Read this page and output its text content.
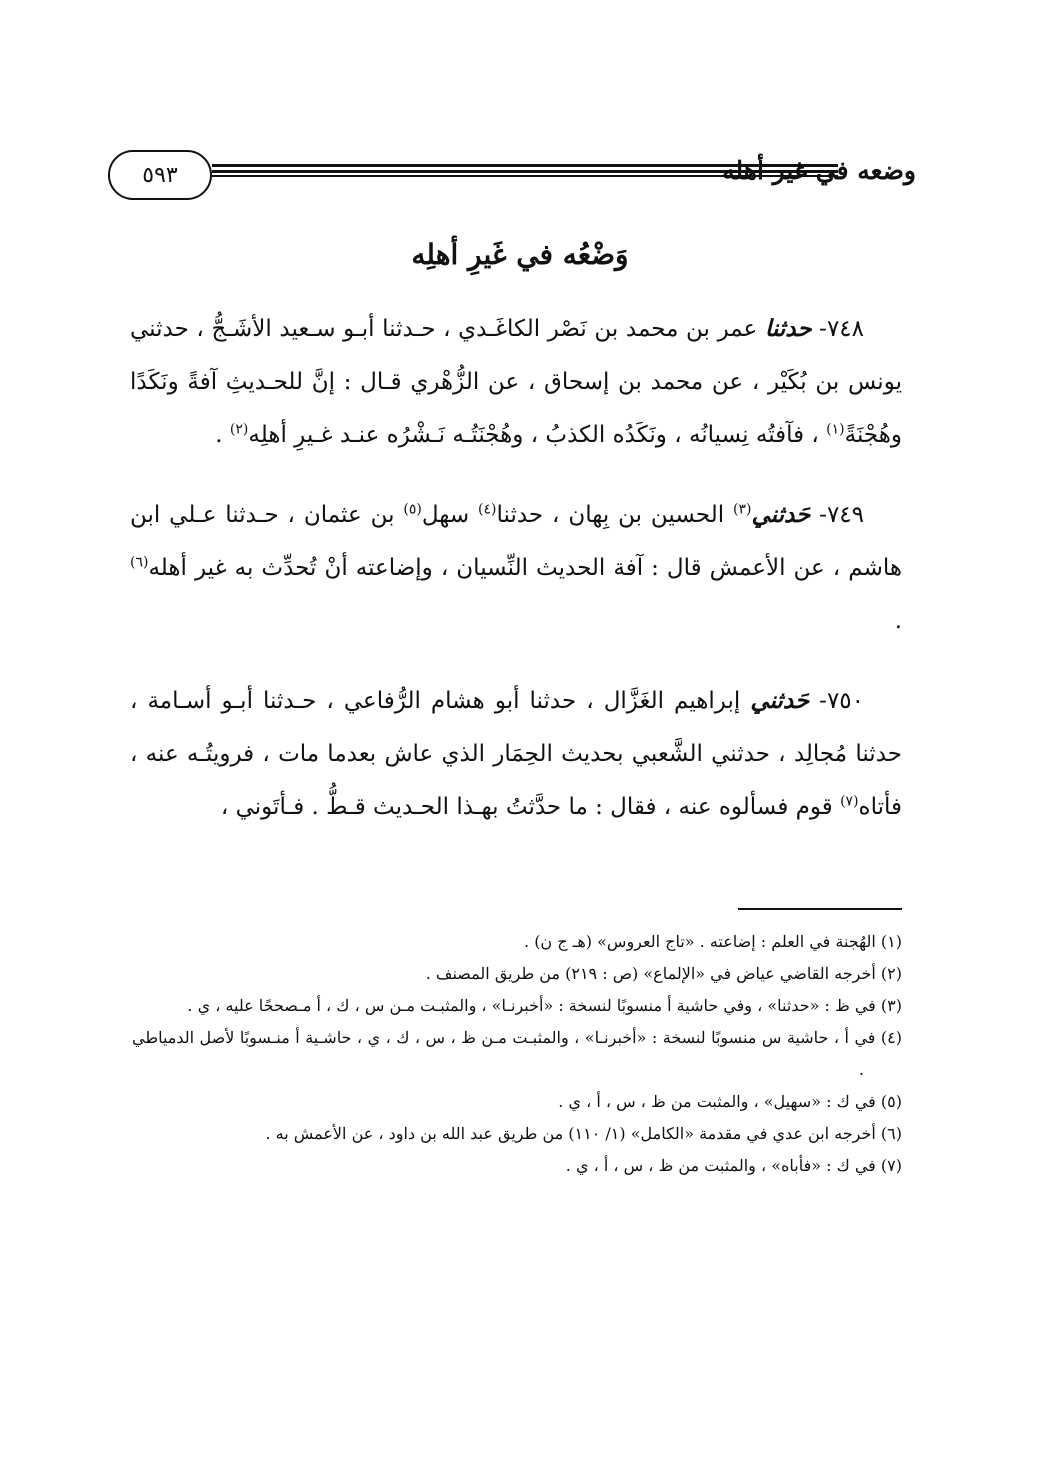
٥٩٣	وضعه في غير أهله
وَضْعُه في غَيرِ أهلِه

٧٤٨- حدثنا عمر بن محمد بن نَصْر الكاغَـدي ، حـدثنا أبـو سـعيد الأشَـجُّ ، حدثني يونس بن بُكَيْر ، عن محمد بن إسحاق ، عن الزُّهْري قـال : إنَّ للحـديثِ آفةً ونَكَدًا وهُجْنَةً$^{(١)}$ ، فآفتُه نِسيانُه ، ونَكَدُه الكذبُ ، وهُجْنَتُـه نَـشْرُه عنـد غـيرِ أهلِه$^{(٢)}$ .

٧٤٩- حَدثني$^{(٣)}$ الحسين بن بِهان ، حدثنا$^{(٤)}$ سهل$^{(٥)}$ بن عثمان ، حـدثنا عـلي ابن هاشم ، عن الأعمش قال : آفة الحديث النِّسيان ، وإضاعته أنْ تُحدِّث به غير أهله$^{(٦)}$ .

٧٥٠- حَدثني إبراهيم الغَزَّال ، حدثنا أبو هشام الرُّفاعي ، حـدثنا أبـو أسـامة ، حدثنا مُجالِد ، حدثني الشَّعبي بحديث الحِمَار الذي عاش بعدما مات ، فرويتُـه عنه ، فأتاه$^{(٧)}$ قوم فسألوه عنه ، فقال : ما حدَّثتُ بهـذا الحـديث قـطُّ . فـأتَوني ،

(١) الهُجنة في العلم : إضاعته . «تاج العروس» (هـ ج ن) .
(٢) أخرجه القاضي عياض في «الإلماع» (ص : ٢١٩) من طريق المصنف .
(٣) في ظ : «حدثنا» ، وفي حاشية أ منسوبًا لنسخة : «أخبرنـا» ، والمثبـت مـن س ، ك ، أ مـصححًا عليه ، ي .
(٤) في أ ، حاشية س منسوبًا لنسخة : «أخبرنـا» ، والمثبـت مـن ظ ، س ، ك ، ي ، حاشـية أ منـسوبًا لأصل الدمياطي .
(٥) في ك : «سهيل» ، والمثبت من ظ ، س ، أ ، ي .
(٦) أخرجه ابن عدي في مقدمة «الكامل» (١/ ١١٠) من طريق عبد الله بن داود ، عن الأعمش به .
(٧) في ك : «فأباه» ، والمثبت من ظ ، س ، أ ، ي .
